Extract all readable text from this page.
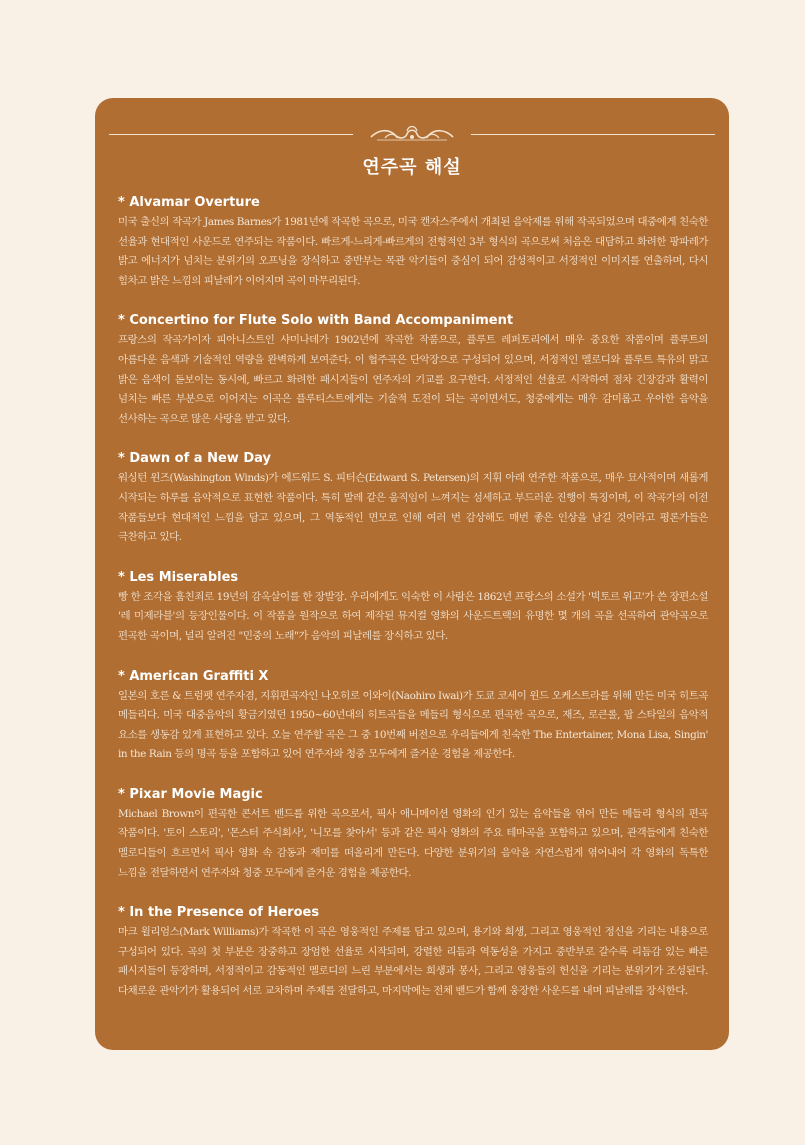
연주곡 해설
* Alvamar Overture

미국 출신의 작곡가 James Barnes가 1981년에 작곡한 곡으로, 미국 캔자스주에서 개최된 음악제를 위해 작곡되었으며 대중에게 친숙한 선율과 현대적인 사운드로 연주되는 작품이다. 빠르게-느리게-빠르게의 전형적인 3부 형식의 곡으로써 처음은 대담하고 화려한 팡파레가 밝고 에너지가 넘치는 분위기의 오프닝을 장식하고 중반부는 목관 악기들이 중심이 되어 감성적이고 서정적인 이미지를 연출하며, 다시 힘차고 밝은 느낌의 피날레가 이어지며 곡이 마무리된다.

* Concertino for Flute Solo with Band Accompaniment

프랑스의 작곡가이자 피아니스트인 샤미나데가 1902년에 작곡한 작품으로, 플루트 레퍼토리에서 매우 중요한 작품이며 플루트의 아름다운 음색과 기술적인 역량을 완벽하게 보여준다. 이 협주곡은 단악장으로 구성되어 있으며, 서정적인 멜로디와 플루트 특유의 맑고 밝은 음색이 돋보이는 동시에, 빠르고 화려한 패시지들이 연주자의 기교를 요구한다. 서정적인 선율로 시작하여 점차 긴장감과 활력이 넘치는 빠른 부분으로 이어지는 이곡은 플루티스트에게는 기술적 도전이 되는 곡이면서도, 청중에게는 매우 감미롭고 우아한 음악을 선사하는 곡으로 많은 사랑을 받고 있다.

* Dawn of a New Day

워싱턴 윈즈(Washington Winds)가 에드워드 S. 피터슨(Edward S. Petersen)의 지휘 아래 연주한 작품으로, 매우 묘사적이며 새롭게 시작되는 하루를 음악적으로 표현한 작품이다. 특히 발레 같은 움직임이 느껴지는 섬세하고 부드러운 진행이 특징이며, 이 작곡가의 이전 작품들보다 현대적인 느낌을 담고 있으며, 그 역동적인 면모로 인해 여러 번 감상해도 매번 좋은 인상을 남길 것이라고 평론가들은 극찬하고 있다.

* Les Miserables

빵 한 조각을 훔친죄로 19년의 감옥살이를 한 장발장. 우리에게도 익숙한 이 사람은 1862년 프랑스의 소설가 '빅토르 위고'가 쓴 장편소설 '레 미제라블'의 등장인물이다. 이 작품을 원작으로 하여 제작된 뮤지컬 영화의 사운드트랙의 유명한 몇 개의 곡을 선곡하여 관악곡으로 편곡한 곡이며, 널리 알려진 "민중의 노래"가 음악의 피날레를 장식하고 있다.

* American Graffiti X

일본의 호른 & 트럼펫 연주자겸, 지휘편곡자인 나오히로 이와이(Naohiro Iwai)가 도쿄 코세이 윈드 오케스트라를 위해 만든 미국 히트곡 메들리다. 미국 대중음악의 황금기였던 1950~60년대의 히트곡들을 메들리 형식으로 편곡한 곡으로, 재즈, 로큰롤, 팝 스타일의 음악적 요소를 생동감 있게 표현하고 있다. 오늘 연주할 곡은 그 중 10번째 버전으로 우리들에게 친숙한 The Entertainer, Mona Lisa, Singin' in the Rain 등의 명곡 등을 포함하고 있어 연주자와 청중 모두에게 즐거운 경험을 제공한다.

* Pixar Movie Magic

Michael Brown이 편곡한 콘서트 밴드를 위한 곡으로서, 픽사 애니메이션 영화의 인기 있는 음악들을 엮어 만든 메들리 형식의 편곡 작품이다. '토이 스토리', '몬스터 주식회사', '니모를 찾아서' 등과 같은 픽사 영화의 주요 테마곡을 포함하고 있으며, 관객들에게 친숙한 멜로디들이 흐르면서 픽사 영화 속 감동과 재미를 떠올리게 만든다. 다양한 분위기의 음악을 자연스럽게 엮어내어 각 영화의 독특한 느낌을 전달하면서 연주자와 청중 모두에게 즐거운 경험을 제공한다.

* In the Presence of Heroes

마크 윌리엄스(Mark Williams)가 작곡한 이 곡은 영웅적인 주제를 담고 있으며, 용기와 희생, 그리고 영웅적인 정신을 기리는 내용으로 구성되어 있다. 곡의 첫 부분은 장중하고 장엄한 선율로 시작되며, 강렬한 리듬과 역동성을 가지고 중반부로 갈수록 리듬감 있는 빠른 패시지들이 등장하며, 서정적이고 감동적인 멜로디의 느린 부분에서는 희생과 봉사, 그리고 영웅들의 헌신을 기리는 분위기가 조성된다. 다채로운 관악기가 활용되어 서로 교차하며 주제를 전달하고, 마지막에는 전체 밴드가 함께 웅장한 사운드를 내며 피날레를 장식한다.
